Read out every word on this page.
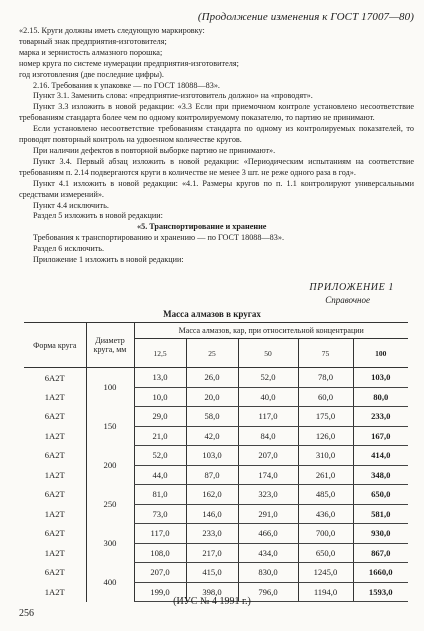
(Продолжение изменения к ГОСТ 17007—80)

«2.15. Круги должны иметь следующую маркировку:

товарный знак предприятия-изготовителя;

марка и зернистость алмазного порошка;

номер круга по системе нумерации предприятия-изготовителя;

год изготовления (две последние цифры).

2.16. Требования к упаковке — по ГОСТ 18088—83».

Пункт 3.1. Заменить слова: «предприятие-изготовитель должно» на «проводят».

Пункт 3.3 изложить в новой редакции: «3.3 Если при приемочном контроле установлено несоответствие требованиям стандарта более чем по одному контролируемому показателю, то партию не принимают.

Если установлено несоответствие требованиям стандарта по одному из контролируемых показателей, то проводят повторный контроль на удвоенном количестве кругов.

При наличии дефектов в повторной выборке партию не принимают».

Пункт 3.4. Первый абзац изложить в новой редакции: «Периодическим испытаниям на соответствие требованиям п. 2.14 подвергаются круги в количестве не менее 3 шт. не реже одного раза в год».

Пункт 4.1 изложить в новой редакции: «4.1. Размеры кругов по п. 1.1 контролируют универсальными средствами измерений».

Пункт 4.4 исключить.

Раздел 5 изложить в новой редакции:

«5. Транспортирование и хранение

Требования к транспортированию и хранению — по ГОСТ 18088—83».

Раздел 6 исключить.

Приложение 1 изложить в новой редакции:

ПРИЛОЖЕНИЕ 1
Справочное
Масса алмазов в кругах
Форма круга	Диаметр круга, мм	Масса алмазов, кар, при относительной концентрации				
		12,5	25	50	75	100
6А2Т	100	13,0	26,0	52,0	78,0	103,0
1А2Т		10,0	20,0	40,0	60,0	80,0
6А2Т	150	29,0	58,0	117,0	175,0	233,0
1А2Т		21,0	42,0	84,0	126,0	167,0
6А2Т	200	52,0	103,0	207,0	310,0	414,0
1А2Т		44,0	87,0	174,0	261,0	348,0
6А2Т	250	81,0	162,0	323,0	485,0	650,0
1А2Т		73,0	146,0	291,0	436,0	581,0
6А2Т	300	117,0	233,0	466,0	700,0	930,0
1А2Т		108,0	217,0	434,0	650,0	867,0
6А2Т	400	207,0	415,0	830,0	1245,0	1660,0
1А2Т		199,0	398,0	796,0	1194,0	1593,0
(ИУС № 4 1991 г.)
256
